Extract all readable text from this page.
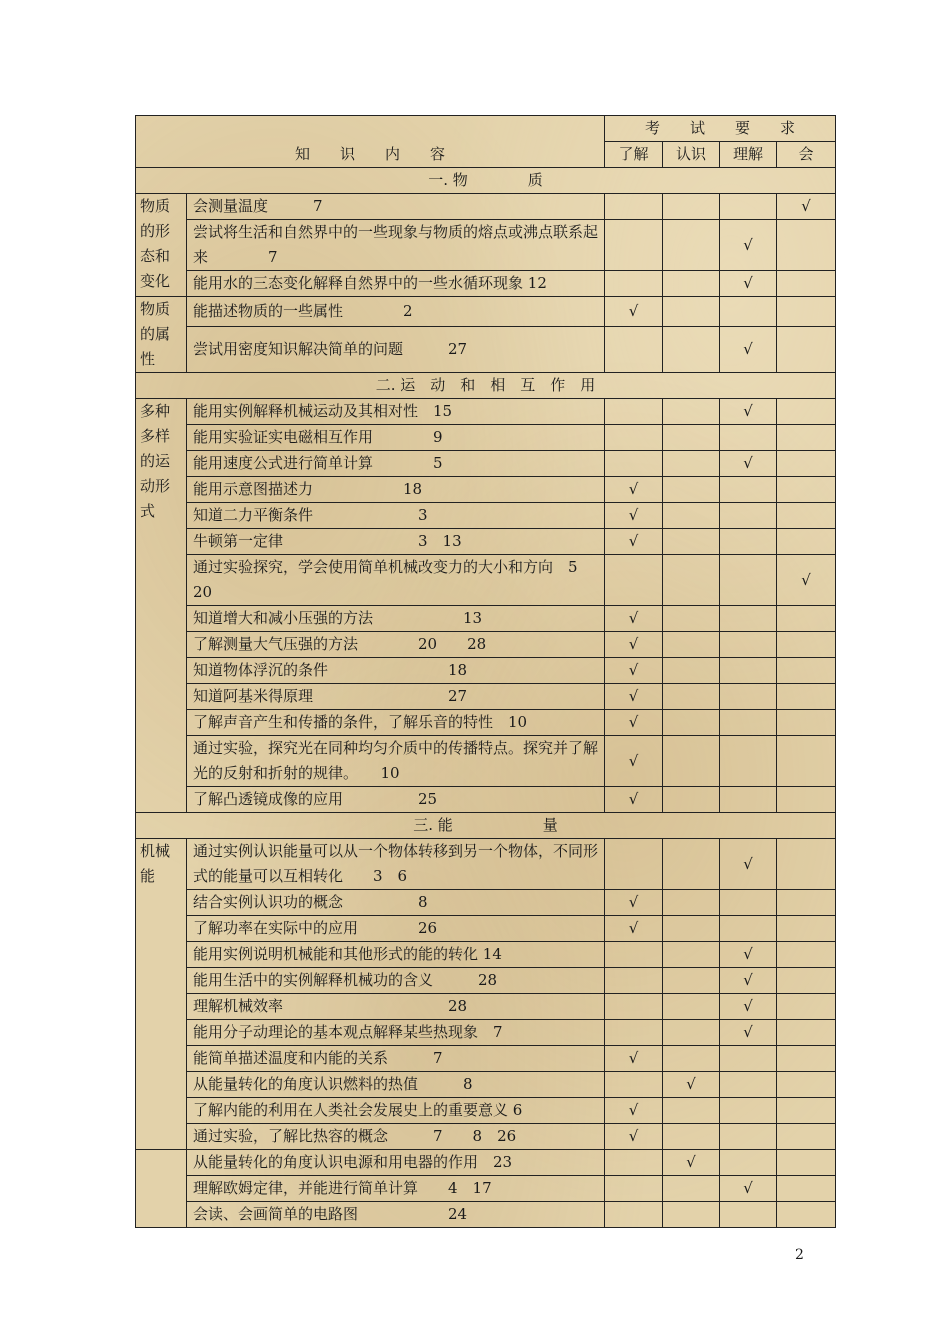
知　　识　　内　　容		考　　试　　要　　求			
		了解	认识	理解	会
一. 物　　　　质					
物质的形态和变化	会测量温度　　　7				√
	尝试将生活和自然界中的一些现象与物质的熔点或沸点联系起来　　　　7			√	
	能用水的三态变化解释自然界中的一些水循环现象 12			√	
物质的属性	能描述物质的一些属性　　　　2	√			
	尝试用密度知识解决简单的问题　　　27			√	
二. 运　动　和　相　互　作　用					
多种多样的运动形式	能用实例解释机械运动及其相对性　15			√	
	能用实验证实电磁相互作用　　　　9				
	能用速度公式进行简单计算　　　　5			√	
	能用示意图描述力　　　　　　18	√			
	知道二力平衡条件　　　　　　　3	√			
	牛顿第一定律　　　　　　　　　3　13	√			
	通过实验探究，学会使用简单机械改变力的大小和方向　5　20				√
	知道增大和减小压强的方法　　　　　　13	√			
	了解测量大气压强的方法　　　　20　　28	√			
	知道物体浮沉的条件　　　　　　　　18	√			
	知道阿基米得原理　　　　　　　　　27	√			
	了解声音产生和传播的条件，了解乐音的特性　10	√			
	通过实验，探究光在同种均匀介质中的传播特点。探究并了解光的反射和折射的规律。　　10	√			
	了解凸透镜成像的应用　　　　　25	√			
三. 能　　　　　　量					
机械能	通过实例认识能量可以从一个物体转移到另一个物体，不同形式的能量可以互相转化　　3　6			√	
	结合实例认识功的概念　　　　　8	√			
	了解功率在实际中的应用　　　　26	√			
	能用实例说明机械能和其他形式的能的转化 14			√	
	能用生活中的实例解释机械功的含义　　　28			√	
	理解机械效率　　　　　　　　　　　28			√	
	能用分子动理论的基本观点解释某些热现象　7			√	
	能简单描述温度和内能的关系　　　7	√			
	从能量转化的角度认识燃料的热值　　　8		√		
	了解内能的利用在人类社会发展史上的重要意义 6	√			
	通过实验，了解比热容的概念　　　7　　8　26	√			
	从能量转化的角度认识电源和用电器的作用　23		√		
	理解欧姆定律，并能进行简单计算　　4　17			√	
	会读、会画简单的电路图　　　　　　24				
2
